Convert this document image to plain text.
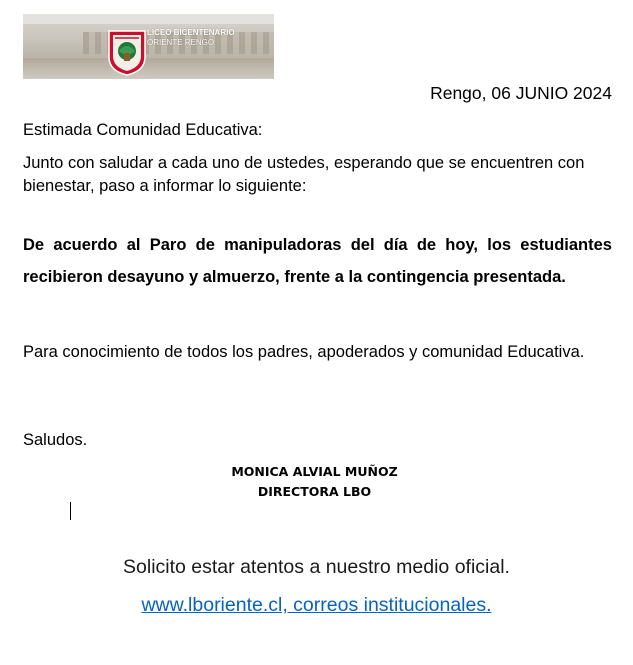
LICEO BICENTENARIO
ORIENTE RENGO
Rengo, 06 JUNIO 2024
Estimada Comunidad Educativa:
Junto con saludar a cada uno de ustedes, esperando que se encuentren con bienestar, paso a informar lo siguiente:
De acuerdo al Paro de manipuladoras del día de hoy, los estudiantes recibieron desayuno y almuerzo, frente a la contingencia presentada.
Para conocimiento de todos los padres, apoderados y comunidad Educativa.
Saludos.
MONICA ALVIAL MUÑOZ
DIRECTORA LBO
Solicito estar atentos a nuestro medio oficial.
www.lboriente.cl, correos institucionales.
